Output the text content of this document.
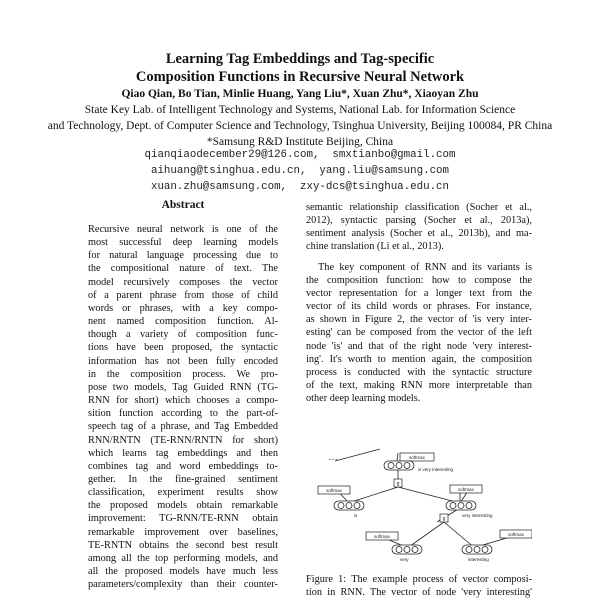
Learning Tag Embeddings and Tag-specific
Composition Functions in Recursive Neural Network
Qiao Qian, Bo Tian, Minlie Huang, Yang Liu*, Xuan Zhu*, Xiaoyan Zhu
State Key Lab. of Intelligent Technology and Systems, National Lab. for Information Science
and Technology, Dept. of Computer Science and Technology, Tsinghua University, Beijing 100084, PR China
*Samsung R&D Institute Beijing, China
qianqiaodecember29@126.com,  smxtianbo@gmail.com
aihuang@tsinghua.edu.cn,  yang.liu@samsung.com
xuan.zhu@samsung.com,  zxy-dcs@tsinghua.edu.cn
Abstract
Recursive neural network is one of the
most successful deep learning models
for natural language processing due to
the compositional nature of text. The
model recursively composes the vector
of a parent phrase from those of child
words or phrases, with a key compo-
nent named composition function. Al-
though a variety of composition func-
tions have been proposed, the syntactic
information has not been fully encoded
in the composition process. We pro-
pose two models, Tag Guided RNN (TG-
RNN for short) which chooses a compo-
sition function according to the part-of-
speech tag of a phrase, and Tag Embedded
RNN/RNTN (TE-RNN/RNTN for short)
which learns tag embeddings and then
combines tag and word embeddings to-
gether. In the fine-grained sentiment
classification, experiment results show
the proposed models obtain remarkable
improvement: TG-RNN/TE-RNN obtain
remarkable improvement over baselines,
TE-RNTN obtains the second best result
among all the top performing models, and
all the proposed models have much less
parameters/complexity than their counter-
semantic relationship classification (Socher et al.,
2012), syntactic parsing (Socher et al., 2013a),
sentiment analysis (Socher et al., 2013b), and ma-
chine translation (Li et al., 2013).
The key component of RNN and its variants is
the composition function: how to compose the
vector representation for a longer text from the
vector of its child words or phrases. For instance,
as shown in Figure 2, the vector of 'is very inter-
esting' can be composed from the vector of the left
node 'is' and that of the right node 'very interest-
ing'. It's worth to mention again, the composition
process is conducted with the syntactic structure
of the text, making RNN more interpretable than
other deep learning models.
…	softmax
is very interesting
g
softmax	softmax
is	very interesting
g
softmax	softmax
very	interesting
Figure 1: The example process of vector composi-
tion in RNN. The vector of node 'very interesting'
